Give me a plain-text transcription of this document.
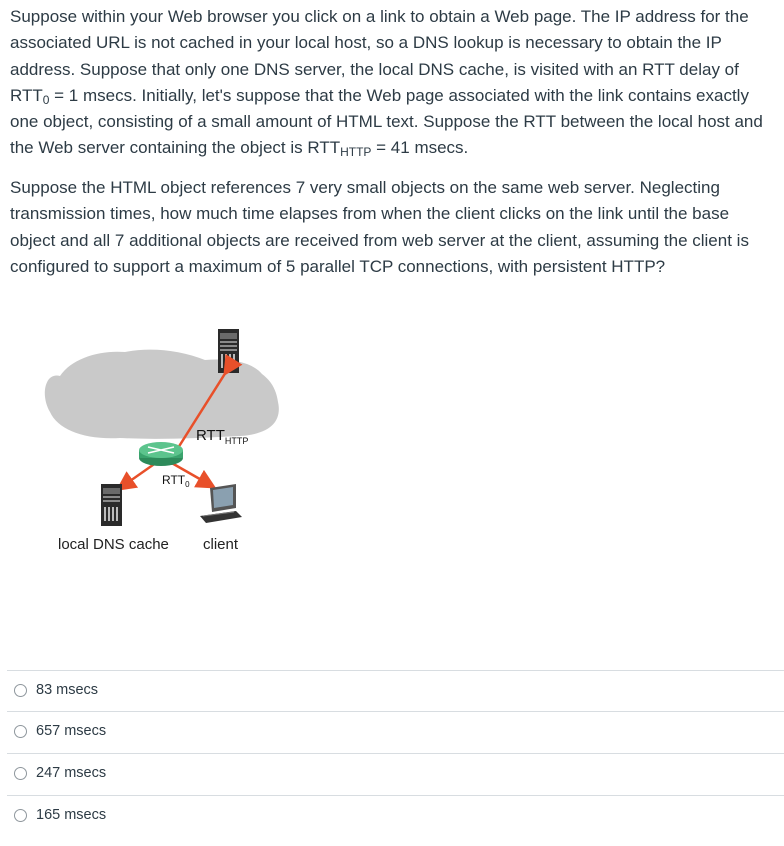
Suppose within your Web browser you click on a link to obtain a Web page. The IP address for the associated URL is not cached in your local host, so a DNS lookup is necessary to obtain the IP address. Suppose that only one DNS server, the local DNS cache, is visited with an RTT delay of $RTT_0 = 1$ msecs. Initially, let's suppose that the Web page associated with the link contains exactly one object, consisting of a small amount of HTML text. Suppose the RTT between the local host and the Web server containing the object is $RTT_{HTTP} = 41$ msecs.

Suppose the HTML object references 7 very small objects on the same web server. Neglecting transmission times, how much time elapses from when the client clicks on the link until the base object and all 7 additional objects are received from web server at the client, assuming the client is configured to support a maximum of 5 parallel TCP connections, with persistent HTTP?

$RTT_{HTTP}$
$RTT_0$
local DNS cache client
83 msecs
657 msecs
247 msecs
165 msecs
